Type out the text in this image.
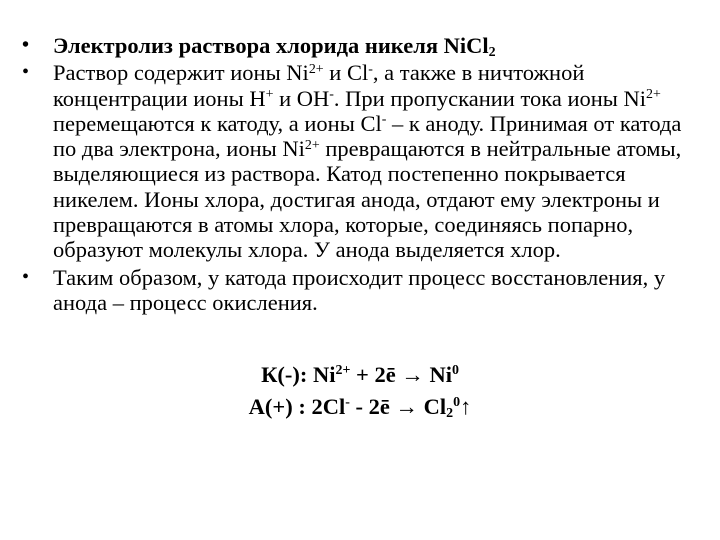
•	Электролиз раствора хлорида никеля NiCl$_2$
•	Раствор содержит ионы $Ni^{2+}$ и Cl-, а также в ничтожной концентрации ионы Н+ и ОН-. При пропускании тока ионы $Ni^{2+}$ перемещаются к катоду, а ионы Cl- – к аноду. Принимая от катода по два электрона, ионы $Ni^{2+}$ превращаются в нейтральные атомы, выделяющиеся из раствора. Катод постепенно покрывается никелем. Ионы хлора, достигая анода, отдают ему электроны и превращаются в атомы хлора, которые, соединяясь попарно, образуют молекулы хлора. У анода выделяется хлор.
•	Таким образом, у катода происходит процесс восстановления, у анода – процесс окисления.
К(-): $Ni^{2+}$ + 2ē → $Ni^0$
А(+) : 2Cl- - 2ē → $Cl_2^0↑$
